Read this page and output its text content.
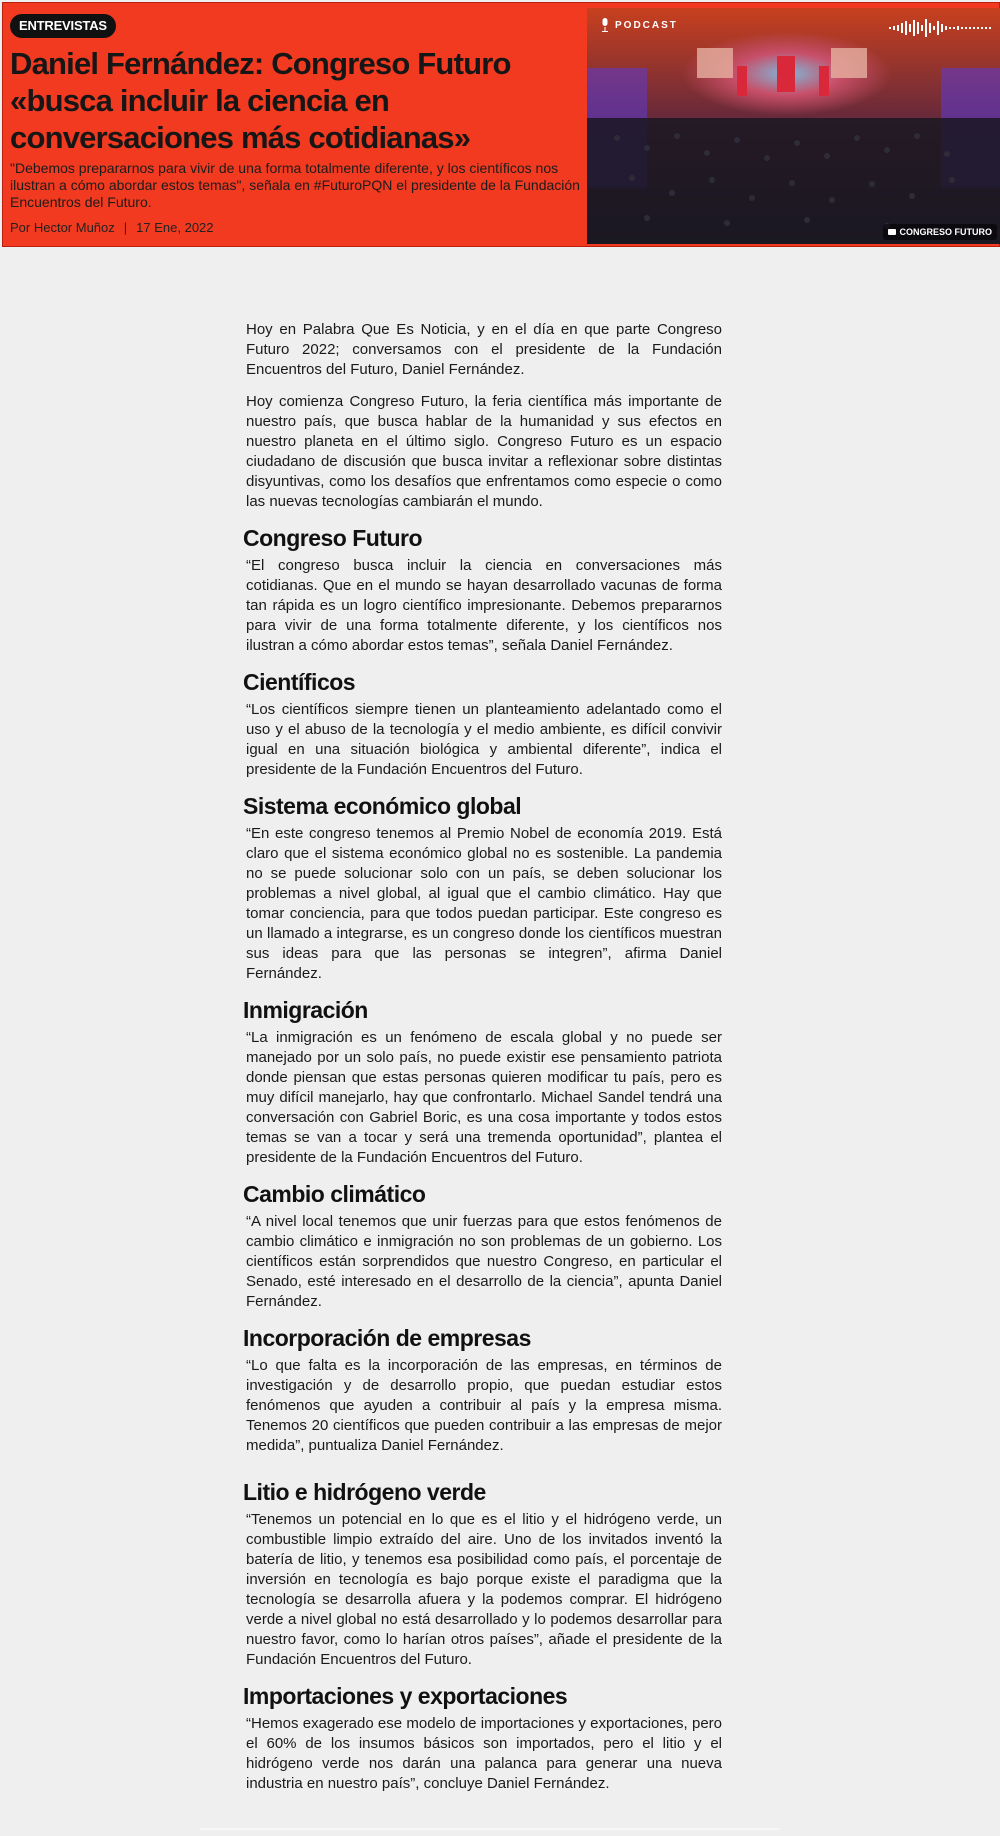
ENTREVISTAS
Daniel Fernández: Congreso Futuro «busca incluir la ciencia en conversaciones más cotidianas»

"Debemos prepararnos para vivir de una forma totalmente diferente, y los científicos nos ilustran a cómo abordar estos temas", señala en #FuturoPQN el presidente de la Fundación Encuentros del Futuro.

Por Hector Muñoz | 17 Ene, 2022
PODCAST
CONGRESO FUTURO

Hoy en Palabra Que Es Noticia, y en el día en que parte Congreso Futuro 2022; conversamos con el presidente de la Fundación Encuentros del Futuro, Daniel Fernández.

Hoy comienza Congreso Futuro, la feria científica más importante de nuestro país, que busca hablar de la humanidad y sus efectos en nuestro planeta en el último siglo. Congreso Futuro es un espacio ciudadano de discusión que busca invitar a reflexionar sobre distintas disyuntivas, como los desafíos que enfrentamos como especie o como las nuevas tecnologías cambiarán el mundo.

Congreso Futuro

“El congreso busca incluir la ciencia en conversaciones más cotidianas. Que en el mundo se hayan desarrollado vacunas de forma tan rápida es un logro científico impresionante. Debemos prepararnos para vivir de una forma totalmente diferente, y los científicos nos ilustran a cómo abordar estos temas”, señala Daniel Fernández.

Científicos

“Los científicos siempre tienen un planteamiento adelantado como el uso y el abuso de la tecnología y el medio ambiente, es difícil convivir igual en una situación biológica y ambiental diferente”, indica el presidente de la Fundación Encuentros del Futuro.

Sistema económico global

“En este congreso tenemos al Premio Nobel de economía 2019. Está claro que el sistema económico global no es sostenible. La pandemia no se puede solucionar solo con un país, se deben solucionar los problemas a nivel global, al igual que el cambio climático. Hay que tomar conciencia, para que todos puedan participar. Este congreso es un llamado a integrarse, es un congreso donde los científicos muestran sus ideas para que las personas se integren”, afirma Daniel Fernández.

Inmigración

“La inmigración es un fenómeno de escala global y no puede ser manejado por un solo país, no puede existir ese pensamiento patriota donde piensan que estas personas quieren modificar tu país, pero es muy difícil manejarlo, hay que confrontarlo. Michael Sandel tendrá una conversación con Gabriel Boric, es una cosa importante y todos estos temas se van a tocar y será una tremenda oportunidad”, plantea el presidente de la Fundación Encuentros del Futuro.

Cambio climático

“A nivel local tenemos que unir fuerzas para que estos fenómenos de cambio climático e inmigración no son problemas de un gobierno. Los científicos están sorprendidos que nuestro Congreso, en particular el Senado, esté interesado en el desarrollo de la ciencia”, apunta Daniel Fernández.

Incorporación de empresas

“Lo que falta es la incorporación de las empresas, en términos de investigación y de desarrollo propio, que puedan estudiar estos fenómenos que ayuden a contribuir al país y la empresa misma. Tenemos 20 científicos que pueden contribuir a las empresas de mejor medida”, puntualiza Daniel Fernández.

Litio e hidrógeno verde

“Tenemos un potencial en lo que es el litio y el hidrógeno verde, un combustible limpio extraído del aire. Uno de los invitados inventó la batería de litio, y tenemos esa posibilidad como país, el porcentaje de inversión en tecnología es bajo porque existe el paradigma que la tecnología se desarrolla afuera y la podemos comprar. El hidrógeno verde a nivel global no está desarrollado y lo podemos desarrollar para nuestro favor, como lo harían otros países”, añade el presidente de la Fundación Encuentros del Futuro.

Importaciones y exportaciones

“Hemos exagerado ese modelo de importaciones y exportaciones, pero el 60% de los insumos básicos son importados, pero el litio y el hidrógeno verde nos darán una palanca para generar una nueva industria en nuestro país”, concluye Daniel Fernández.
